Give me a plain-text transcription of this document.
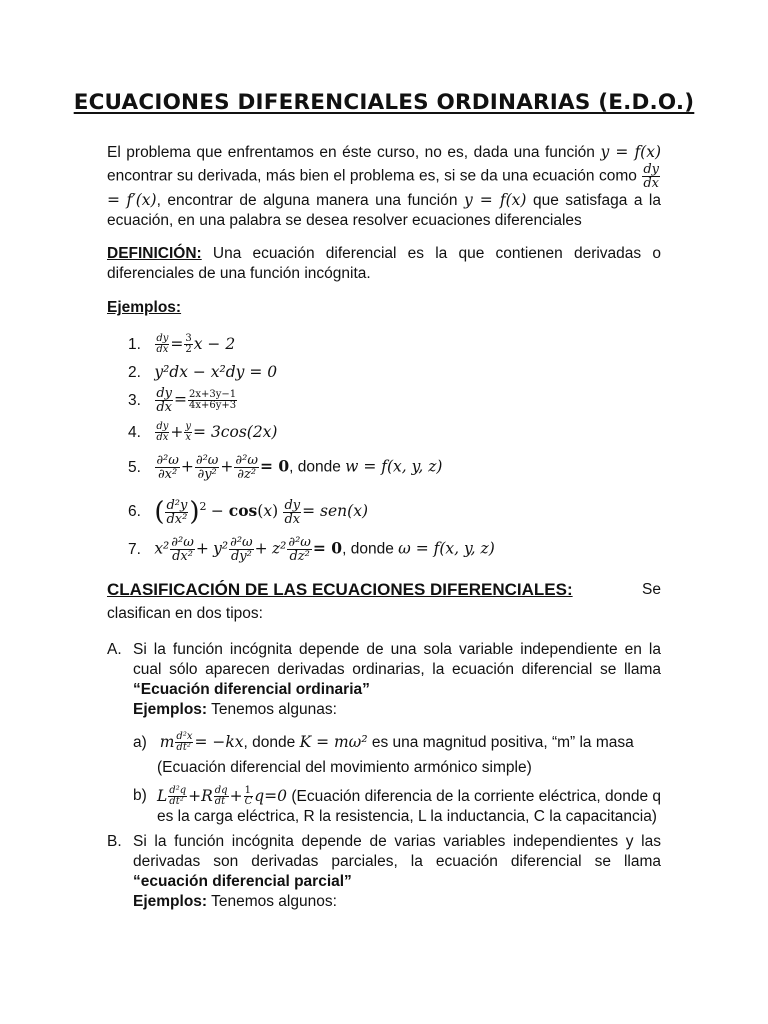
ECUACIONES DIFERENCIALES ORDINARIAS (E.D.O.)
El problema que enfrentamos en éste curso, no es, dada una función y = f(x) encontrar su derivada, más bien el problema es, si se da una ecuación como $\frac{dy}{dx}$
= f′(x), encontrar de alguna manera una función y = f(x) que satisfaga a la ecuación, en una palabra se desea resolver ecuaciones diferenciales
DEFINICIÓN: Una ecuación diferencial es la que contienen derivadas o diferenciales de una función incógnita.
Ejemplos:
1. $\frac{dy}{dx} = \frac{3}{2}$ x − 2
2. y²dx − x²dy = 0
3. $\frac{dy}{dx} = \frac{2x+3y-1}{4x+6y+3}$
4. $\frac{dy}{dx} + \frac{y}{x} = 3\cos(2x)$
5. $\frac{\text{∂²ω}}{\text{∂x²}} + \frac{\text{∂²ω}}{\text{∂y²}} + \frac{\text{∂²ω}}{\text{∂z²}} = 0$, donde w = f(x, y, z)
6. ( $\frac{\text{d²y}}{\text{dx²}} )^2 - \cos(x) \frac{dy}{dx} = sen(x)$
7. $x^2 \frac{\text{∂²ω}}{\text{dx²}} + y^2 \frac{\text{∂²ω}}{\text{dy²}} + z^2 \frac{\text{∂²ω}}{\text{dz²}} = 0$, donde ω = f(x, y, z)
CLASIFICACIÓN DE LAS ECUACIONES DIFERENCIALES:	Se
clasifican en dos tipos:
A. Si la función incógnita depende de una sola variable independiente en la cual sólo aparecen derivadas ordinarias, la ecuación diferencial se llama “Ecuación diferencial ordinaria”
Ejemplos: Tenemos algunas:
a) m $\frac{\text{d²x}}{\text{dt²}} = -kx$, donde K = mω² es una magnitud positiva, “m” la masa
(Ecuación diferencial del movimiento armónico simple)
b) L $\frac{\text{d²q}}{\text{dt²}} +R \frac{dq}{dt} + \frac{1}{C} q=0$ (Ecuación diferencia de la corriente eléctrica, donde q es la carga eléctrica, R la resistencia, L la inductancia, C la capacitancia)
B. Si la función incógnita depende de varias variables independientes y las derivadas son derivadas parciales, la ecuación diferencial se llama “ecuación diferencial parcial”
Ejemplos: Tenemos algunos:
